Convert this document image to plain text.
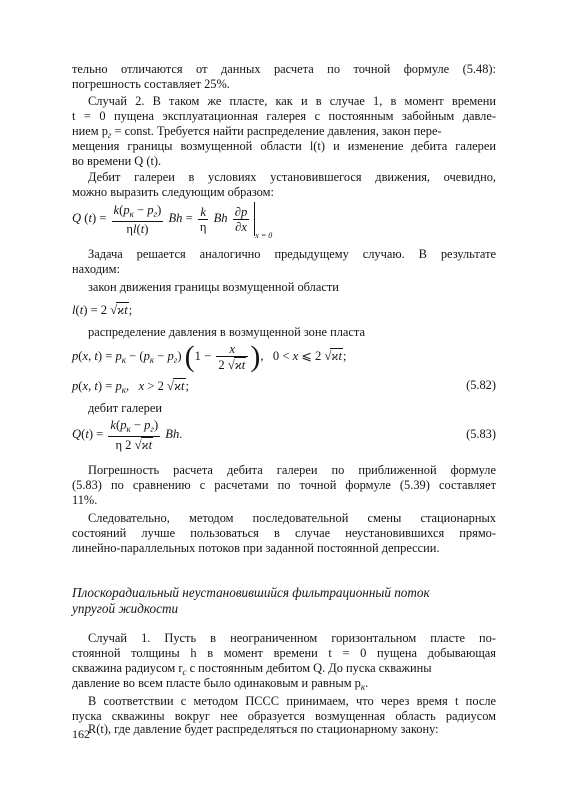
тельно отличаются от данных расчета по точной формуле (5.48):
погрешность составляет 25%.
Случай 2. В таком же пласте, как и в случае 1, в момент времени
t = 0 пущена эксплуатационная галерея с постоянным забойным давле-
нием $p_г$ = const. Требуется найти распределение давления, закон пере-
мещения границы возмущенной области l(t) и изменение дебита галереи
во времени Q (t).
Дебит галереи в условиях установившегося движения, очевидно,
можно выразить следующим образом:
Q $(t) = \frac{k(p_к - p_г)}{\eta l(t)}$ $Bh = \frac{k}{\eta}$ Bh $\frac{\partial p}{\partial x}$
$_{x = 0}$
Задача решается аналогично предыдущему случаю. В результате
находим:
закон движения границы возмущенной области
l(t) = 2 √ϰt;
распределение давления в возмущенной зоне пласта
p(x, $t) = p_к - (p_к - p_г) (1 - \frac{x}{2 √ϰt}$ ),   0 < x ⩽ 2 √ϰt;
p(x, $t) = p_к$,   x > 2 √ϰt;	(5.82)
дебит галереи
$Q(t) = \frac{k(p_к - p_г)}{\eta 2 √ϰt} Bh$.	(5.83)
Погрешность расчета дебита галереи по приближенной формуле
(5.83) по сравнению с расчетами по точной формуле (5.39) составляет
11%.
Следовательно, методом последовательной смены стационарных
состояний лучше пользоваться в случае неустановившихся прямо-
линейно-параллельных потоков при заданной постоянной депрессии.
Плоскорадиальный неустановившийся фильтрационный поток
упругой жидкости
Случай 1. Пусть в неограниченном горизонтальном пласте по-
стоянной толщины h в момент времени t = 0 пущена добывающая
скважина радиусом $r_с$ с постоянным дебитом Q. До пуска скважины
давление во всем пласте было одинаковым и равным $p_к$.
В соответствии с методом ПССС принимаем, что через время t после
пуска скважины вокруг нее образуется возмущенная область радиусом
R(t), где давление будет распределяться по стационарному закону:
162
